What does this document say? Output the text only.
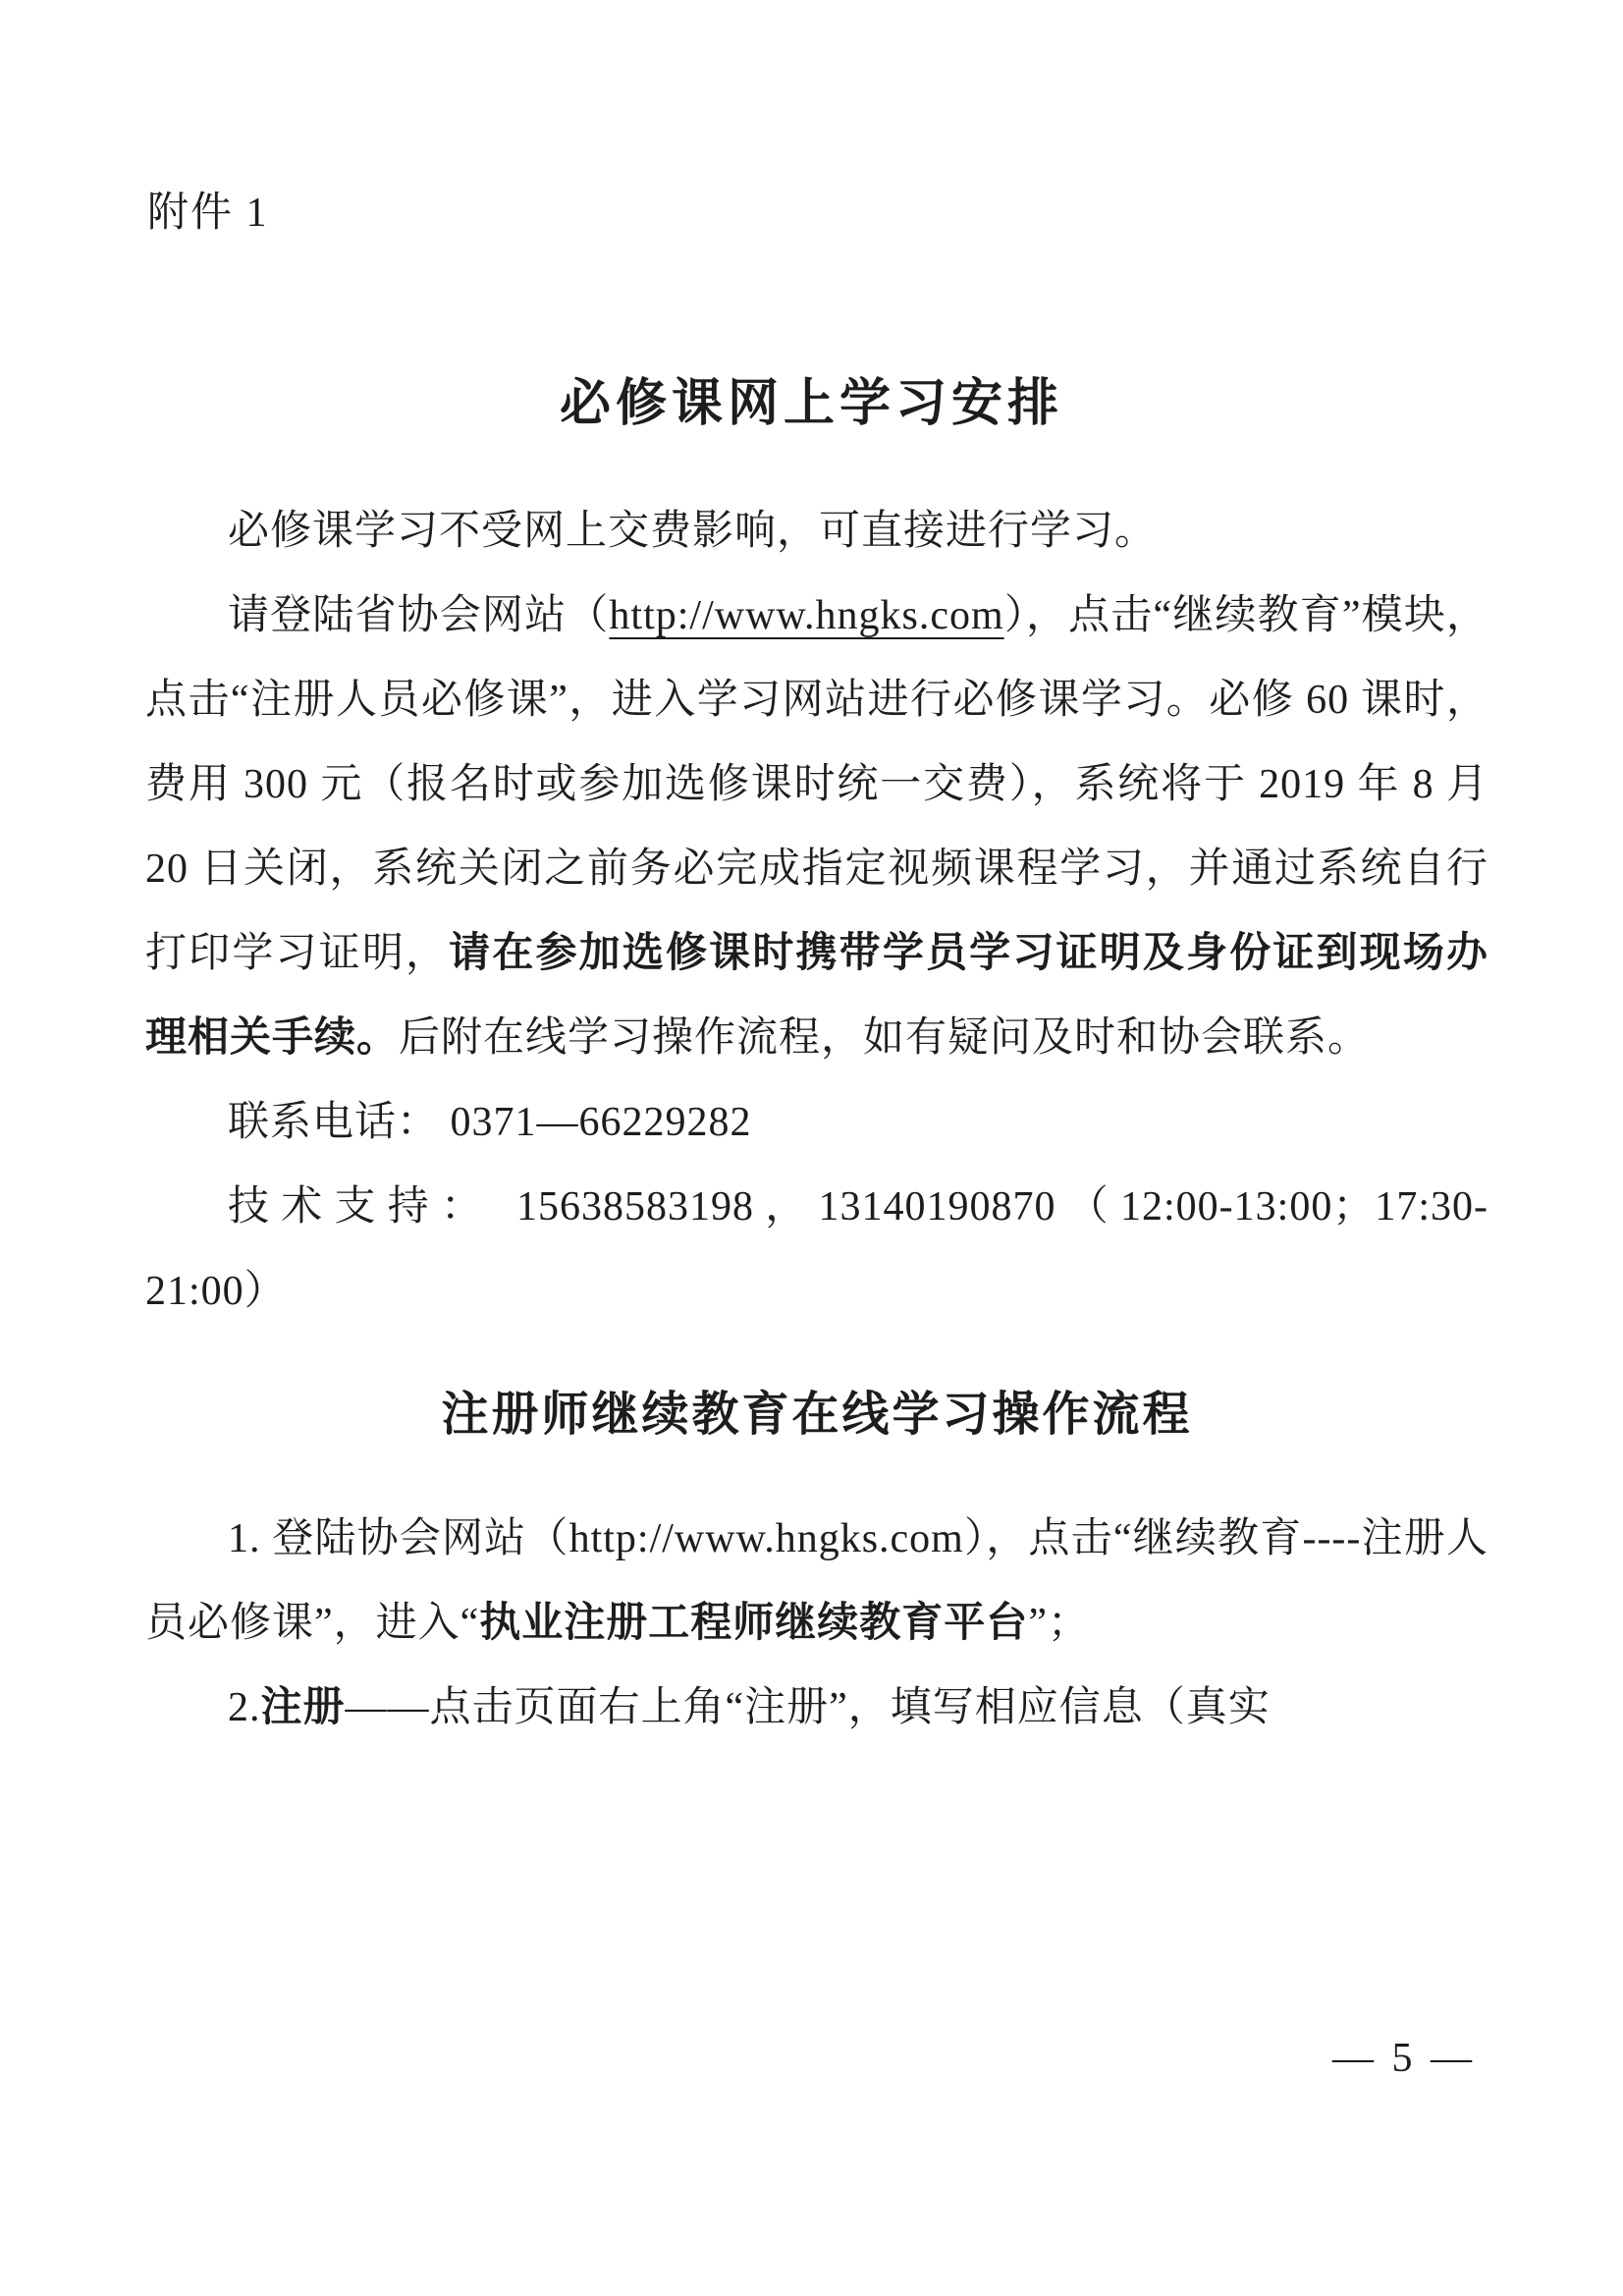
附件 1
必修课网上学习安排

必修课学习不受网上交费影响，可直接进行学习。

请登陆省协会网站（http://www.hngks.com），点击“继续教育”模块，点击“注册人员必修课”，进入学习网站进行必修课学习。必修 60 课时，费用 300 元（报名时或参加选修课时统一交费），系统将于 2019 年 8 月 20 日关闭，系统关闭之前务必完成指定视频课程学习，并通过系统自行打印学习证明，请在参加选修课时携带学员学习证明及身份证到现场办理相关手续。后附在线学习操作流程，如有疑问及时和协会联系。

联系电话： 0371—66229282

技术支持： 15638583198，13140190870（12:00-13:00；17:30-21:00）

注册师继续教育在线学习操作流程

1. 登陆协会网站（http://www.hngks.com），点击“继续教育----注册人员必修课”，进入“执业注册工程师继续教育平台”；

2.注册——点击页面右上角“注册”，填写相应信息（真实

— 5 —
